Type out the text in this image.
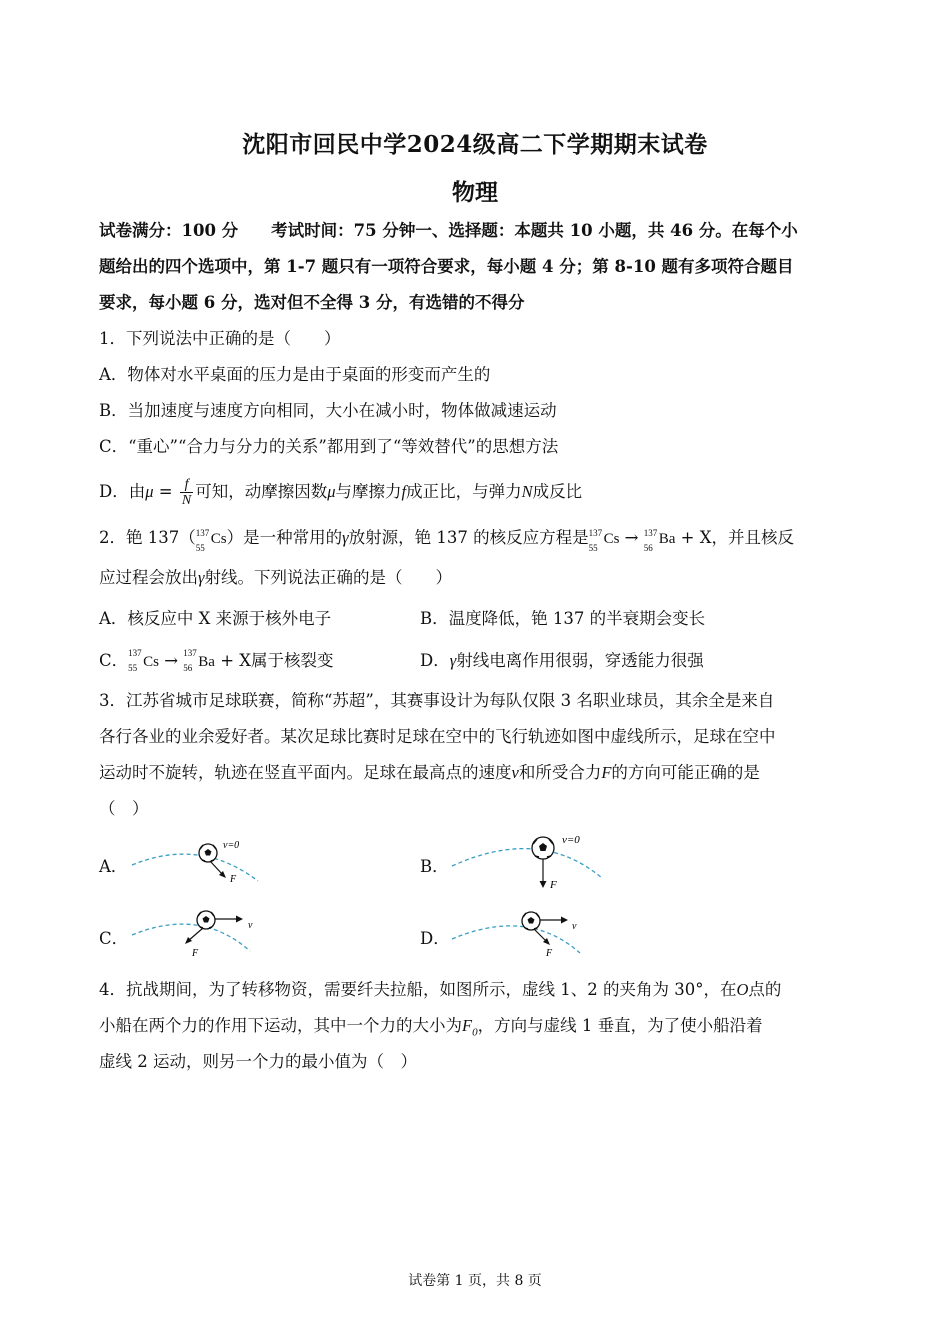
沈阳市回民中学2024级高二下学期期末试卷
物理
试卷满分：100 分　　考试时间：75 分钟一、选择题：本题共 10 小题，共 46 分。在每个小
题给出的四个选项中，第 1-7 题只有一项符合要求，每小题 4 分；第 8-10 题有多项符合题目
要求，每小题 6 分，选对但不全得 3 分，有选错的不得分
1．下列说法中正确的是（　　）
A．物体对水平桌面的压力是由于桌面的形变而产生的
B．当加速度与速度方向相同，大小在减小时，物体做减速运动
C．“重心”“合力与分力的关系”都用到了“等效替代”的思想方法
D．由$\mu = \frac{f}{N}$ 可知，动摩擦因数μ与摩擦力f成正比，与弹力N成反比
2．铯 137（ 137
55
Cs）是一种常用的γ放射源，铯 137 的核反应方程是 137
55
Cs → 137
56
Ba + X，并且核反
应过程会放出γ射线。下列说法正确的是（　　）
A．核反应中 X 来源于核外电子	B．温度降低，铯 137 的半衰期会变长
C． 137
55 Cs → 137
56 Ba + X属于核裂变	D．γ射线电离作用很弱，穿透能力很强
3．江苏省城市足球联赛，简称“苏超”，其赛事设计为每队仅限 3 名职业球员，其余全是来自
各行各业的业余爱好者。某次足球比赛时足球在空中的飞行轨迹如图中虚线所示，足球在空中
运动时不旋转，轨迹在竖直平面内。足球在最高点的速度v和所受合力F的方向可能正确的是
（　）
A．	B．
C．	D．
v=0
F
v=0
F
v
F
v
F
4．抗战期间，为了转移物资，需要纤夫拉船，如图所示，虚线 1、2 的夹角为 30°，在O点的
小船在两个力的作用下运动，其中一个力的大小为$F_0$，方向与虚线 1 垂直，为了使小船沿着
虚线 2 运动，则另一个力的最小值为（　）
试卷第 1 页，共 8 页
